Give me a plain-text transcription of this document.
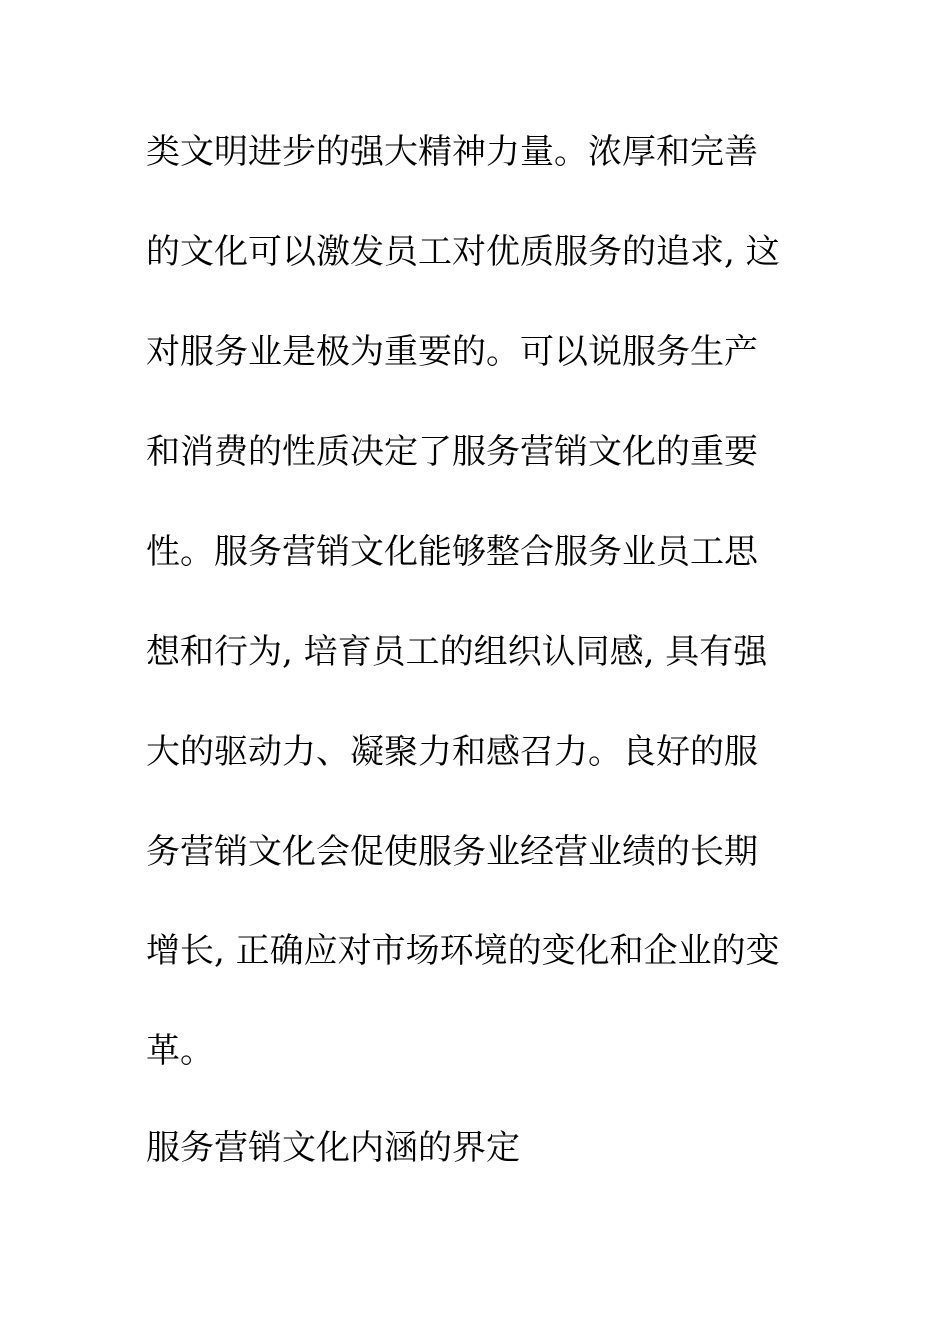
类文明进步的强大精神力量。浓厚和完善
的文化可以激发员工对优质服务的追求, 这
对服务业是极为重要的。可以说服务生产
和消费的性质决定了服务营销文化的重要
性。服务营销文化能够整合服务业员工思
想和行为, 培育员工的组织认同感, 具有强
大的驱动力、凝聚力和感召力。良好的服
务营销文化会促使服务业经营业绩的长期
增长, 正确应对市场环境的变化和企业的变
革。
服务营销文化内涵的界定
